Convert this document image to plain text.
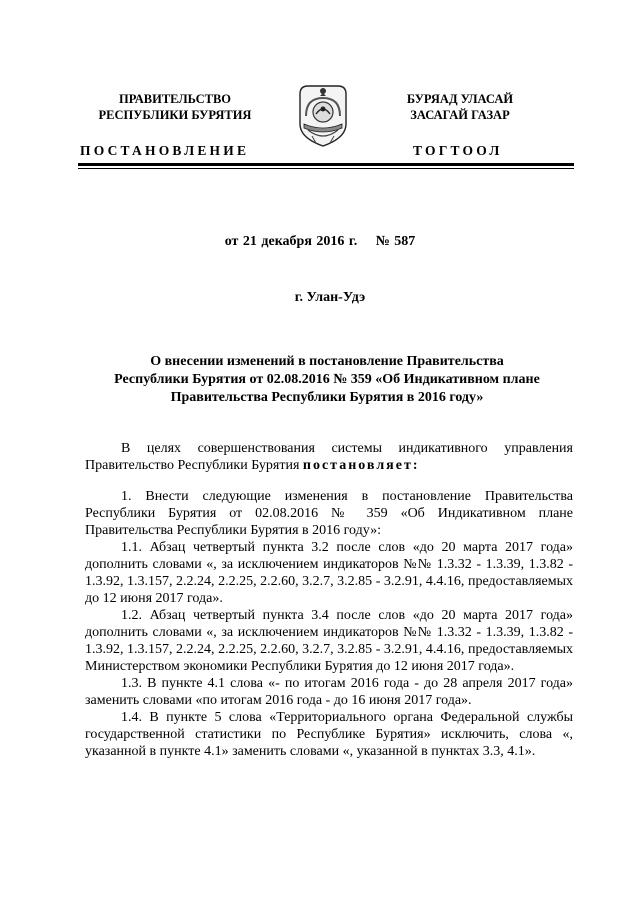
ПРАВИТЕЛЬСТВО
РЕСПУБЛИКИ БУРЯТИЯ
БУРЯАД УЛАСАЙ
ЗАСАГАЙ ГАЗАР
ПОСТАНОВЛЕНИЕ	ТОГТООЛ
от 21 декабря 2016 г. № 587
г. Улан-Удэ
О внесении изменений в постановление Правительства
Республики Бурятия от 02.08.2016 № 359 «Об Индикативном плане
Правительства Республики Бурятия в 2016 году»

В целях совершенствования системы индикативного управления Правительство Республики Бурятия постановляет:

1. Внести следующие изменения в постановление Правительства Республики Бурятия от 02.08.2016 № 359 «Об Индикативном плане Правительства Республики Бурятия в 2016 году»:

1.1. Абзац четвертый пункта 3.2 после слов «до 20 марта 2017 года» дополнить словами «, за исключением индикаторов №№ 1.3.32 - 1.3.39, 1.3.82 - 1.3.92, 1.3.157, 2.2.24, 2.2.25, 2.2.60, 3.2.7, 3.2.85 - 3.2.91, 4.4.16, предоставляемых до 12 июня 2017 года».

1.2. Абзац четвертый пункта 3.4 после слов «до 20 марта 2017 года» дополнить словами «, за исключением индикаторов №№ 1.3.32 - 1.3.39, 1.3.82 - 1.3.92, 1.3.157, 2.2.24, 2.2.25, 2.2.60, 3.2.7, 3.2.85 - 3.2.91, 4.4.16, предоставляемых Министерством экономики Республики Бурятия до 12 июня 2017 года».

1.3. В пункте 4.1 слова «- по итогам 2016 года - до 28 апреля 2017 года» заменить словами «по итогам 2016 года - до 16 июня 2017 года».

1.4. В пункте 5 слова «Территориального органа Федеральной службы государственной статистики по Республике Бурятия» исключить, слова «, указанной в пункте 4.1» заменить словами «, указанной в пунктах 3.3, 4.1».
